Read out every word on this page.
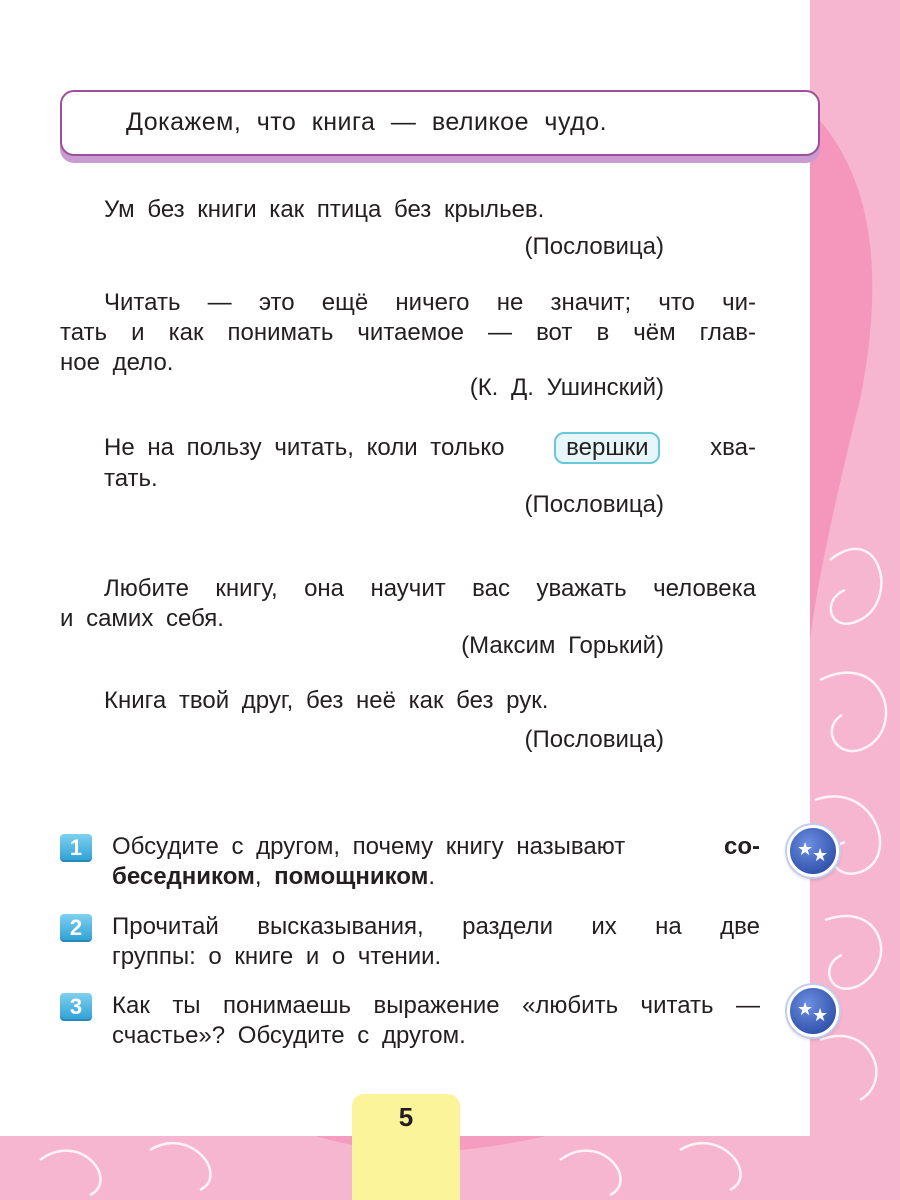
Докажем, что книга — великое чудо.
Ум без книги как птица без крыльев.
(Пословица)
Читать — это ещё ничего не значит; что чи-
тать и как понимать читаемое — вот в чём глав-
ное дело.
(К. Д. Ушинский)
Не на пользу читать, коли только	вершки	хва-
тать.
(Пословица)
Любите книгу, она научит вас уважать человека
и самих себя.
(Максим Горький)
Книга твой друг, без неё как без рук.
(Пословица)
1	Обсудите с другом, почему книгу называют	со-
беседником, помощником.
2	Прочитай высказывания, раздели их на две
группы: о книге и о чтении.
3	Как ты понимаешь выражение «любить читать —
счастье»? Обсудите с другом.
★
★
★
★
5
